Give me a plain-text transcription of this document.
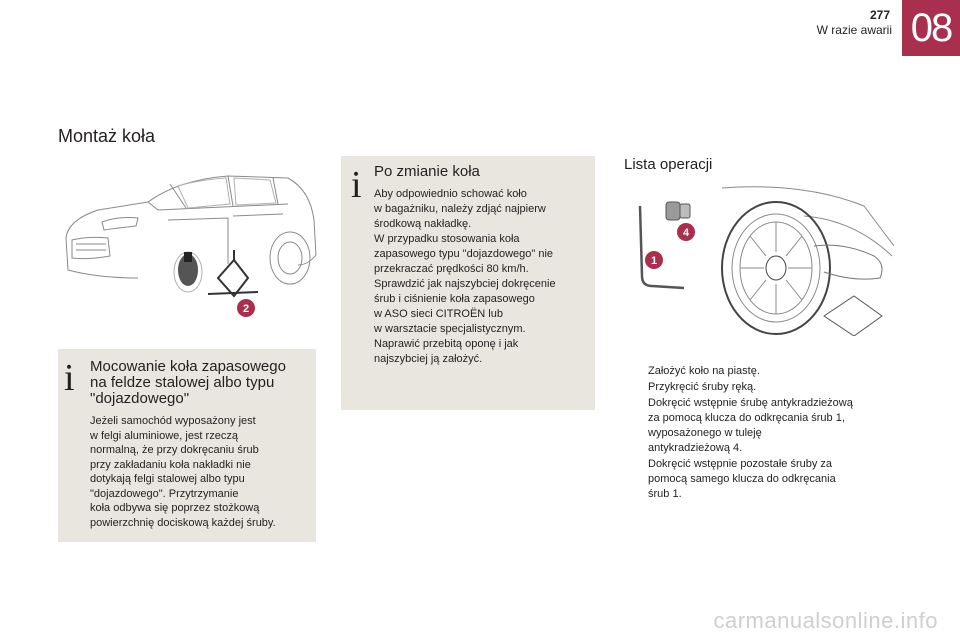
277
W razie awarii 08
Montaż koła
2
i Mocowanie koła zapasowego
na feldze stalowej albo typu
"dojazdowego"

Jeżeli samochód wyposażony jest

w felgi aluminiowe, jest rzeczą

normalną, że przy dokręcaniu śrub

przy zakładaniu koła nakładki nie

dotykają felgi stalowej albo typu

"dojazdowego". Przytrzymanie

koła odbywa się poprzez stożkową

powierzchnię dociskową każdej śruby.

i Po zmianie koła

Aby odpowiednio schować koło

w bagażniku, należy zdjąć najpierw

środkową nakładkę.

W przypadku stosowania koła

zapasowego typu "dojazdowego" nie

przekraczać prędkości 80 km/h.

Sprawdzić jak najszybciej dokręcenie

śrub i ciśnienie koła zapasowego

w ASO sieci CITROËN lub

w warsztacie specjalistycznym.

Naprawić przebitą oponę i jak

najszybciej ją założyć.

Lista operacji
1
4
Założyć koło na piastę.
Przykręcić śruby ręką.
Dokręcić wstępnie śrubę antykradzieżową
za pomocą klucza do odkręcania śrub 1,
wyposażonego w tuleję
antykradzieżową 4.
Dokręcić wstępnie pozostałe śruby za
pomocą samego klucza do odkręcania
śrub 1.
carmanualsonline.info
